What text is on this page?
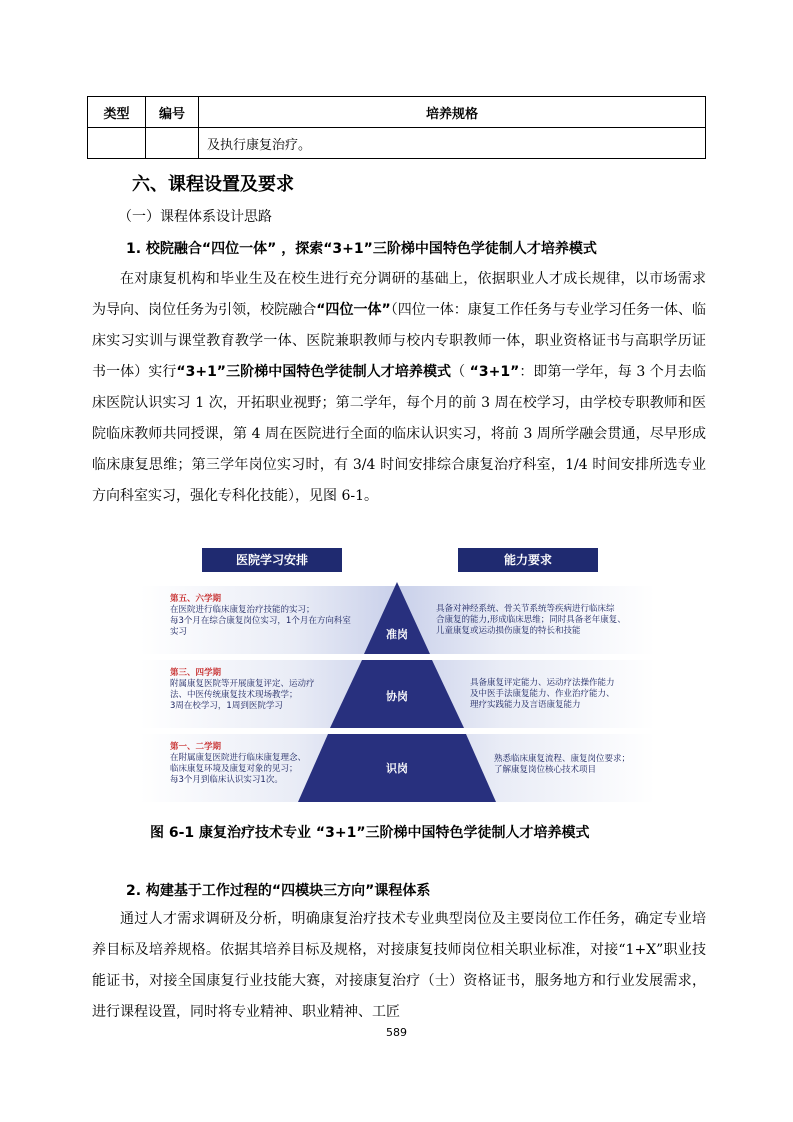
类型	编号	培养规格
		及执行康复治疗。
六、课程设置及要求
（一）课程体系设计思路
1. 校院融合“四位一体” ，探索“3+1”三阶梯中国特色学徒制人才培养模式

在对康复机构和毕业生及在校生进行充分调研的基础上，依据职业人才成长规律，以市场需求为导向、岗位任务为引领，校院融合“四位一体”（四位一体：康复工作任务与专业学习任务一体、临床实习实训与课堂教育教学一体、医院兼职教师与校内专职教师一体，职业资格证书与高职学历证书一体）实行“3+1”三阶梯中国特色学徒制人才培养模式（ “3+1”：即第一学年，每 3 个月去临床医院认识实习 1 次，开拓职业视野；第二学年，每个月的前 3 周在校学习，由学校专职教师和医院临床教师共同授课，第 4 周在医院进行全面的临床认识实习，将前 3 周所学融会贯通，尽早形成临床康复思维；第三学年岗位实习时，有 3/4 时间安排综合康复治疗科室，1/4 时间安排所选专业方向科室实习，强化专科化技能），见图 6-1。

医院学习安排	能力要求
准岗
协岗
识岗
第五、六学期
在医院进行临床康复治疗技能的实习；
每3个月在综合康复岗位实习，1个月在方向科室
实习
第三、四学期
附属康复医院等开展康复评定、运动疗
法、中医传统康复技术现场教学；
3周在校学习，1周到医院学习
第一、二学期
在附属康复医院进行临床康复理念、
临床康复环境及康复对象的见习；
每3个月到临床认识实习1次。
具备对神经系统、骨关节系统等疾病进行临床综
合康复的能力,形成临床思维；同时具备老年康复、
儿童康复或运动损伤康复的特长和技能
具备康复评定能力、运动疗法操作能力
及中医手法康复能力、作业治疗能力、
理疗实践能力及言语康复能力
熟悉临床康复流程、康复岗位要求；
了解康复岗位核心技术项目
图 6-1 康复治疗技术专业 “3+1”三阶梯中国特色学徒制人才培养模式
2. 构建基于工作过程的“四模块三方向”课程体系

通过人才需求调研及分析，明确康复治疗技术专业典型岗位及主要岗位工作任务，确定专业培养目标及培养规格。依据其培养目标及规格，对接康复技师岗位相关职业标准，对接“1+X”职业技能证书，对接全国康复行业技能大赛，对接康复治疗（士）资格证书，服务地方和行业发展需求，进行课程设置，同时将专业精神、职业精神、工匠

589
